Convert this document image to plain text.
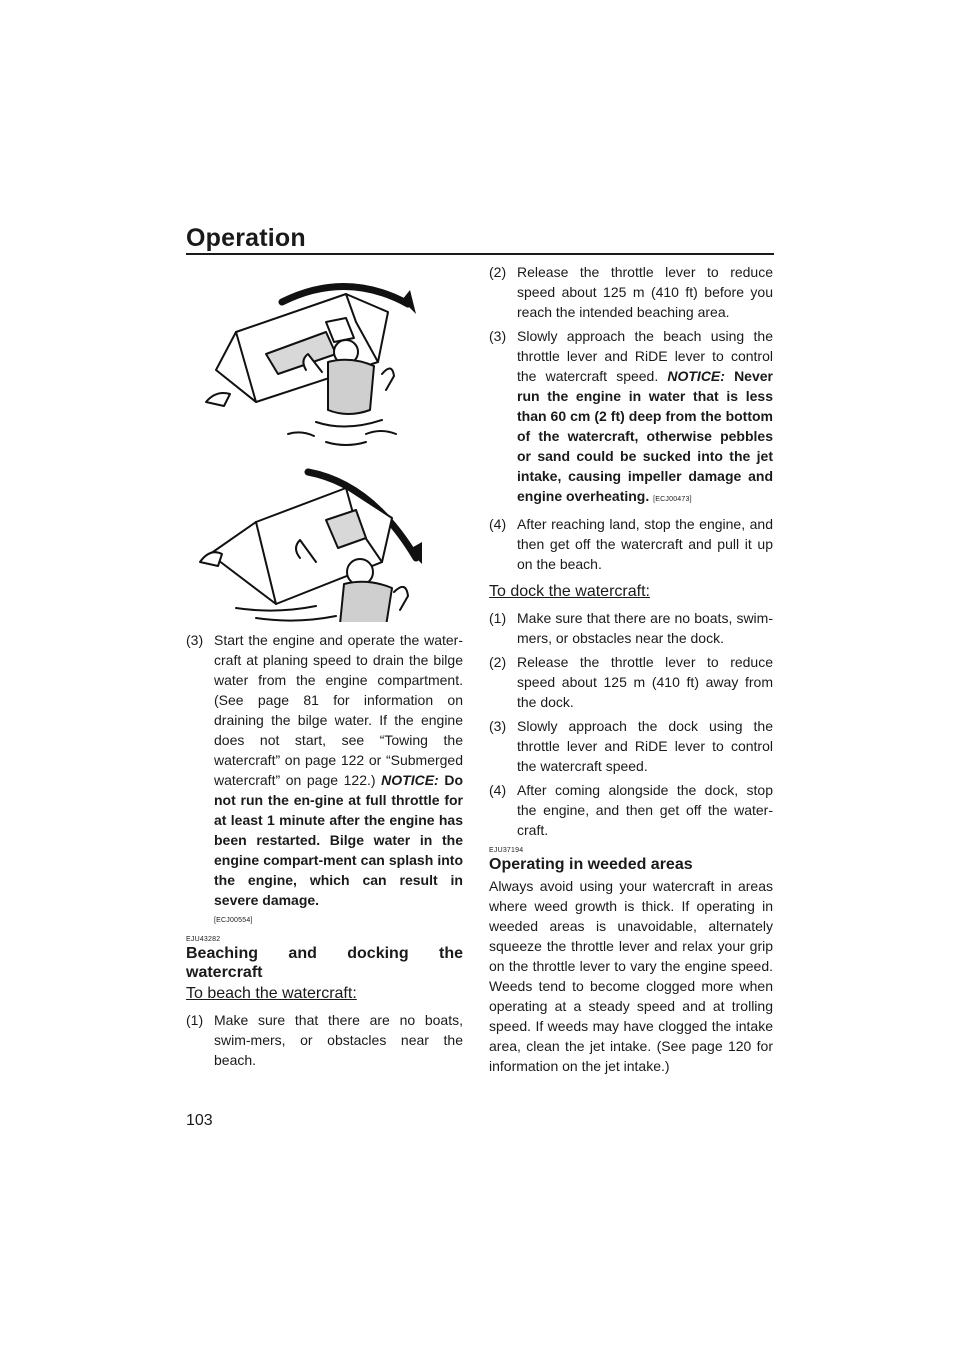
Operation
(3) Start the engine and operate the water-craft at planing speed to drain the bilge water from the engine compartment. (See page 81 for information on draining the bilge water. If the engine does not start, see “Towing the watercraft” on page 122 or “Submerged watercraft” on page 122.) NOTICE: Do not run the en-gine at full throttle for at least 1 minute after the engine has been restarted. Bilge water in the engine compart-ment can splash into the engine, which can result in severe damage.
[ECJ00554]
EJU43282
Beaching and docking the watercraft
To beach the watercraft:
(1) Make sure that there are no boats, swim-mers, or obstacles near the beach.
(2) Release the throttle lever to reduce speed about 125 m (410 ft) before you reach the intended beaching area.
(3) Slowly approach the beach using the throttle lever and RiDE lever to control the watercraft speed. NOTICE: Never run the engine in water that is less than 60 cm (2 ft) deep from the bottom of the watercraft, otherwise pebbles or sand could be sucked into the jet intake, causing impeller damage and engine overheating. [ECJ00473]
(4) After reaching land, stop the engine, and then get off the watercraft and pull it up on the beach.
To dock the watercraft:
(1) Make sure that there are no boats, swim-mers, or obstacles near the dock.
(2) Release the throttle lever to reduce speed about 125 m (410 ft) away from the dock.
(3) Slowly approach the dock using the throttle lever and RiDE lever to control the watercraft speed.
(4) After coming alongside the dock, stop the engine, and then get off the water-craft.
EJU37194
Operating in weeded areas

Always avoid using your watercraft in areas where weed growth is thick. If operating in weeded areas is unavoidable, alternately squeeze the throttle lever and relax your grip on the throttle lever to vary the engine speed. Weeds tend to become clogged more when operating at a steady speed and at trolling speed. If weeds may have clogged the intake area, clean the jet intake. (See page 120 for information on the jet intake.)

103
